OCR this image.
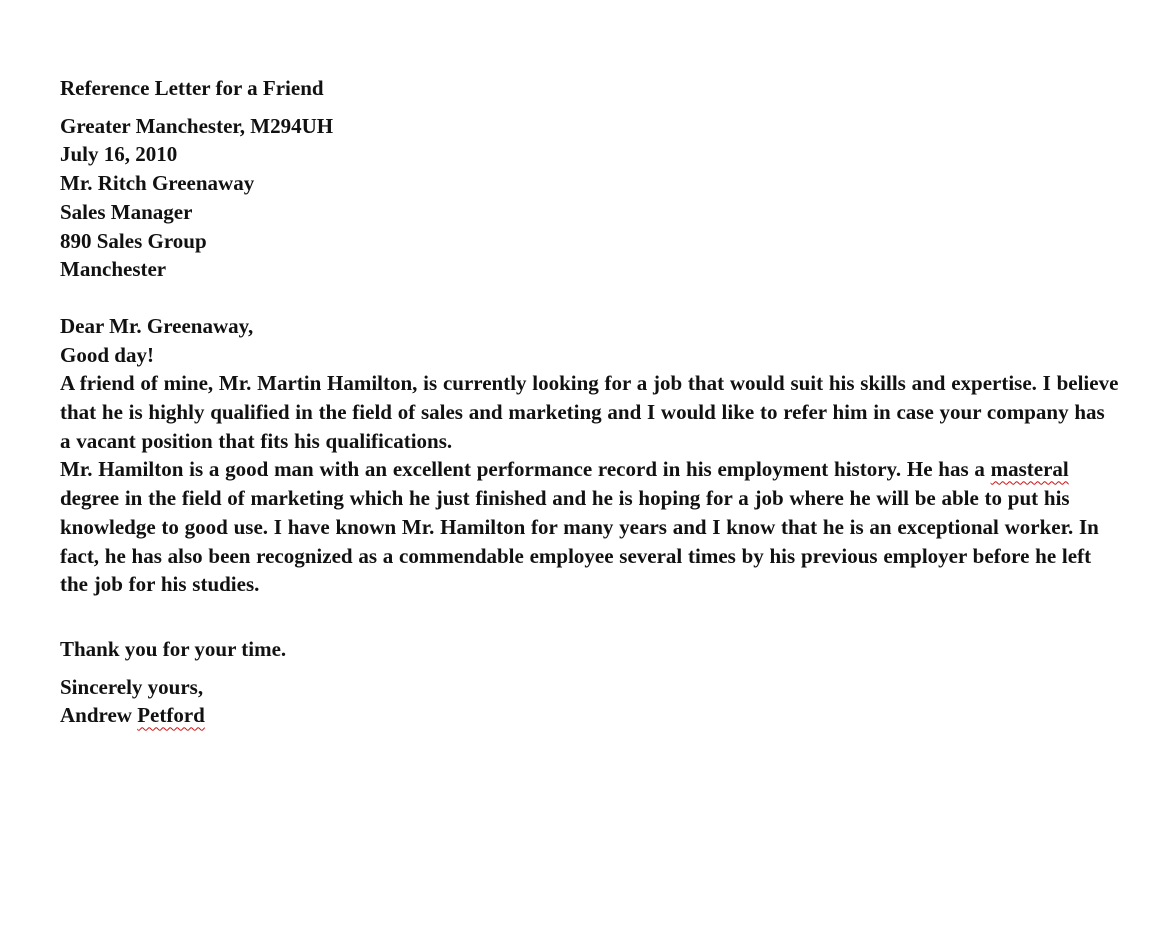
Reference Letter for a Friend
Greater Manchester, M294UH
July 16, 2010
Mr. Ritch Greenaway
Sales Manager
890 Sales Group
Manchester
Dear Mr. Greenaway,
Good day!
A friend of mine, Mr. Martin Hamilton, is currently looking for a job that would suit his skills and expertise. I believe that he is highly qualified in the field of sales and marketing and I would like to refer him in case your company has a vacant position that fits his qualifications.
Mr. Hamilton is a good man with an excellent performance record in his employment history. He has a masteral degree in the field of marketing which he just finished and he is hoping for a job where he will be able to put his knowledge to good use. I have known Mr. Hamilton for many years and I know that he is an exceptional worker. In fact, he has also been recognized as a commendable employee several times by his previous employer before he left the job for his studies.
Thank you for your time.
Sincerely yours,
Andrew Petford
